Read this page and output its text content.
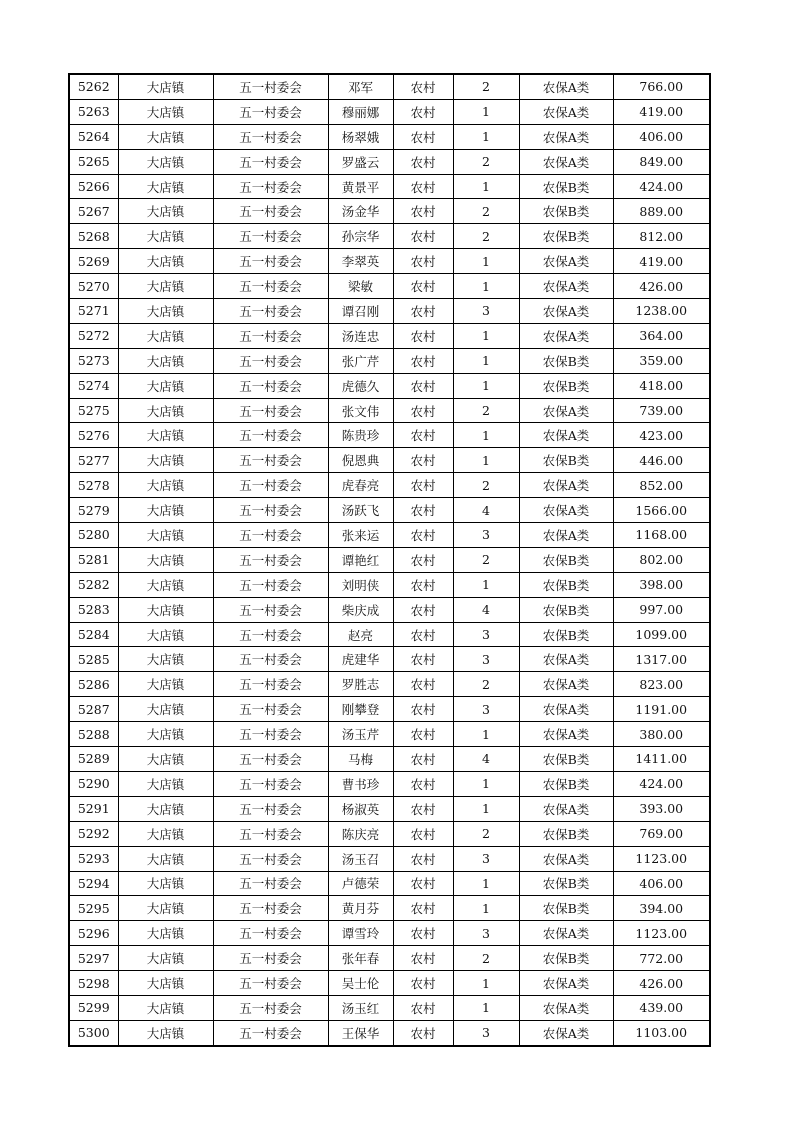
5262	大店镇	五一村委会	邓军	农村	2	农保A类	766.00
5263	大店镇	五一村委会	穆丽娜	农村	1	农保A类	419.00
5264	大店镇	五一村委会	杨翠娥	农村	1	农保A类	406.00
5265	大店镇	五一村委会	罗盛云	农村	2	农保A类	849.00
5266	大店镇	五一村委会	黄景平	农村	1	农保B类	424.00
5267	大店镇	五一村委会	汤金华	农村	2	农保B类	889.00
5268	大店镇	五一村委会	孙宗华	农村	2	农保B类	812.00
5269	大店镇	五一村委会	李翠英	农村	1	农保A类	419.00
5270	大店镇	五一村委会	梁敏	农村	1	农保A类	426.00
5271	大店镇	五一村委会	谭召刚	农村	3	农保A类	1238.00
5272	大店镇	五一村委会	汤连忠	农村	1	农保A类	364.00
5273	大店镇	五一村委会	张广芹	农村	1	农保B类	359.00
5274	大店镇	五一村委会	虎德久	农村	1	农保B类	418.00
5275	大店镇	五一村委会	张文伟	农村	2	农保A类	739.00
5276	大店镇	五一村委会	陈贵珍	农村	1	农保A类	423.00
5277	大店镇	五一村委会	倪恩典	农村	1	农保B类	446.00
5278	大店镇	五一村委会	虎春亮	农村	2	农保A类	852.00
5279	大店镇	五一村委会	汤跃飞	农村	4	农保A类	1566.00
5280	大店镇	五一村委会	张来运	农村	3	农保A类	1168.00
5281	大店镇	五一村委会	谭艳红	农村	2	农保B类	802.00
5282	大店镇	五一村委会	刘明侠	农村	1	农保B类	398.00
5283	大店镇	五一村委会	柴庆成	农村	4	农保B类	997.00
5284	大店镇	五一村委会	赵亮	农村	3	农保B类	1099.00
5285	大店镇	五一村委会	虎建华	农村	3	农保A类	1317.00
5286	大店镇	五一村委会	罗胜志	农村	2	农保A类	823.00
5287	大店镇	五一村委会	刚攀登	农村	3	农保A类	1191.00
5288	大店镇	五一村委会	汤玉芹	农村	1	农保A类	380.00
5289	大店镇	五一村委会	马梅	农村	4	农保B类	1411.00
5290	大店镇	五一村委会	曹书珍	农村	1	农保B类	424.00
5291	大店镇	五一村委会	杨淑英	农村	1	农保A类	393.00
5292	大店镇	五一村委会	陈庆亮	农村	2	农保B类	769.00
5293	大店镇	五一村委会	汤玉召	农村	3	农保A类	1123.00
5294	大店镇	五一村委会	卢德荣	农村	1	农保B类	406.00
5295	大店镇	五一村委会	黄月芬	农村	1	农保B类	394.00
5296	大店镇	五一村委会	谭雪玲	农村	3	农保A类	1123.00
5297	大店镇	五一村委会	张年春	农村	2	农保B类	772.00
5298	大店镇	五一村委会	吴士伦	农村	1	农保A类	426.00
5299	大店镇	五一村委会	汤玉红	农村	1	农保A类	439.00
5300	大店镇	五一村委会	王保华	农村	3	农保A类	1103.00
